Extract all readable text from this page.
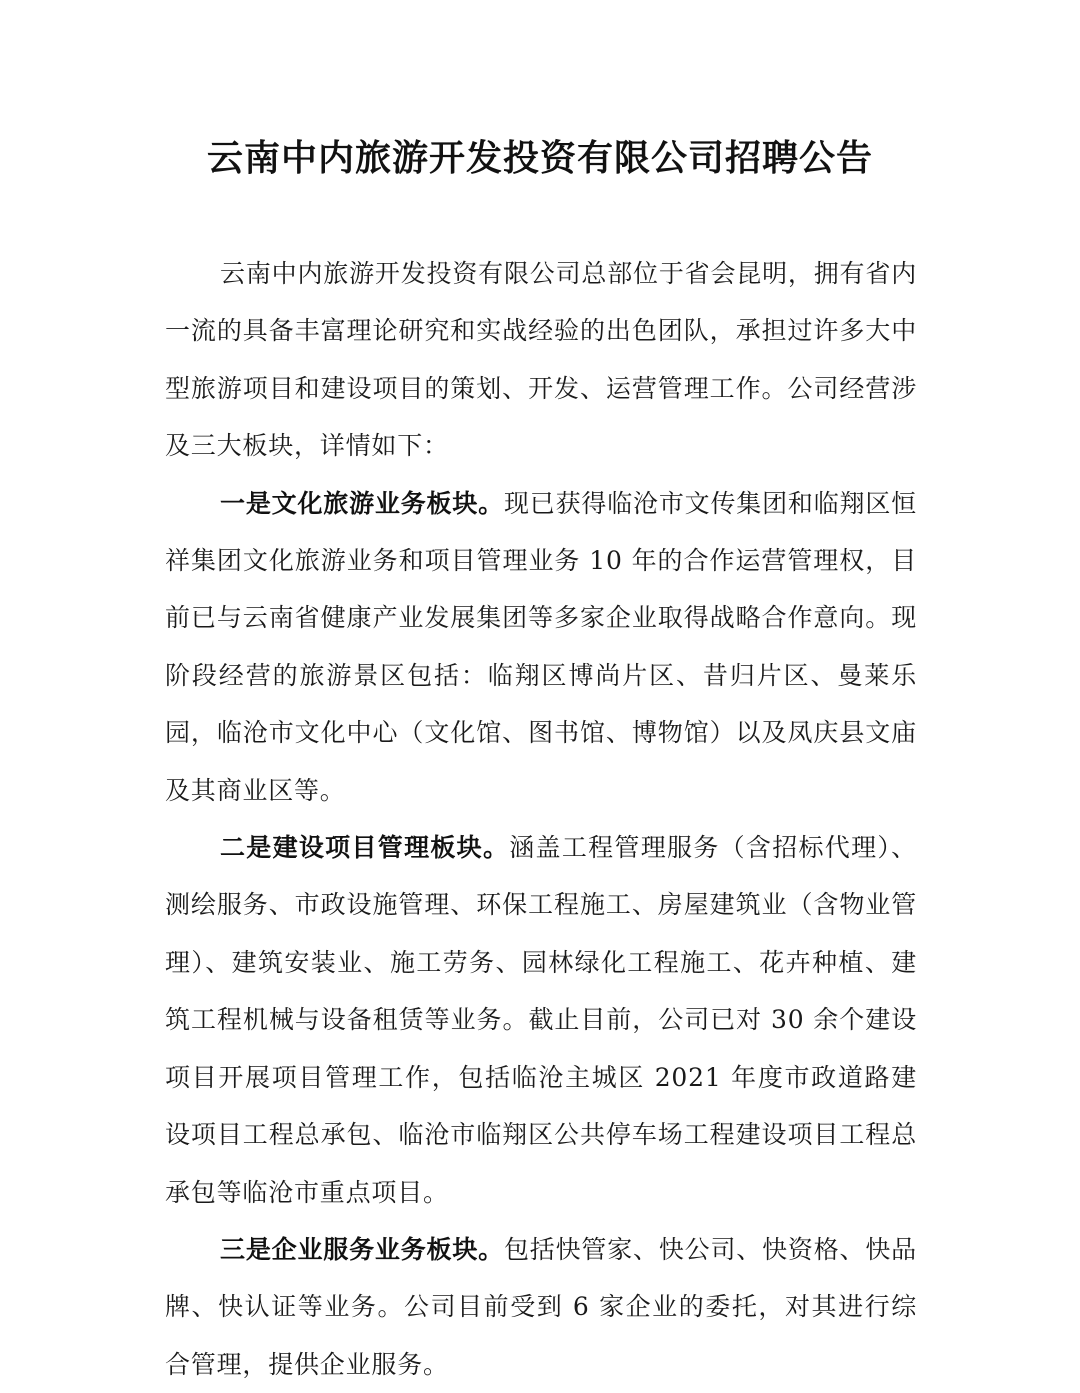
云南中内旅游开发投资有限公司招聘公告

云南中内旅游开发投资有限公司总部位于省会昆明，拥有省内一流的具备丰富理论研究和实战经验的出色团队，承担过许多大中型旅游项目和建设项目的策划、开发、运营管理工作。公司经营涉及三大板块，详情如下：

一是文化旅游业务板块。现已获得临沧市文传集团和临翔区恒祥集团文化旅游业务和项目管理业务 10 年的合作运营管理权，目前已与云南省健康产业发展集团等多家企业取得战略合作意向。现阶段经营的旅游景区包括：临翔区博尚片区、昔归片区、曼莱乐园，临沧市文化中心（文化馆、图书馆、博物馆）以及凤庆县文庙及其商业区等。

二是建设项目管理板块。涵盖工程管理服务（含招标代理）、测绘服务、市政设施管理、环保工程施工、房屋建筑业（含物业管理）、建筑安装业、施工劳务、园林绿化工程施工、花卉种植、建筑工程机械与设备租赁等业务。截止目前，公司已对 30 余个建设项目开展项目管理工作，包括临沧主城区 2021 年度市政道路建设项目工程总承包、临沧市临翔区公共停车场工程建设项目工程总承包等临沧市重点项目。

三是企业服务业务板块。包括快管家、快公司、快资格、快品牌、快认证等业务。公司目前受到 6 家企业的委托，对其进行综合管理，提供企业服务。
